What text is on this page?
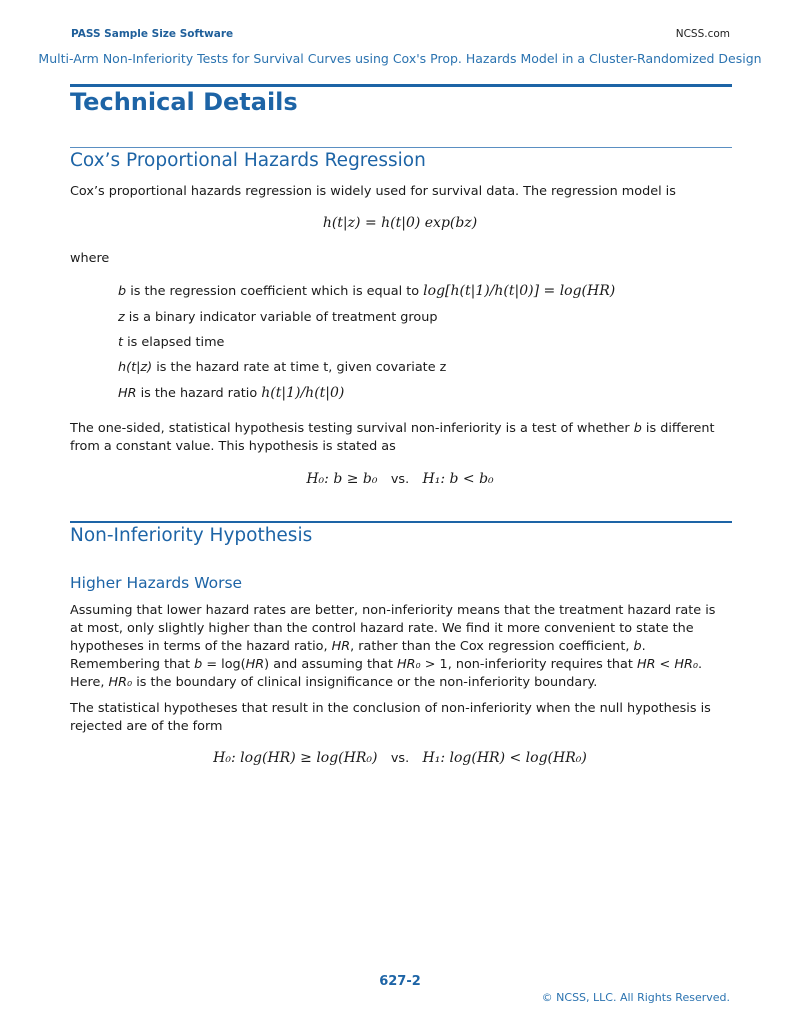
PASS Sample Size Software	NCSS.com
Multi-Arm Non-Inferiority Tests for Survival Curves using Cox's Prop. Hazards Model in a Cluster-Randomized Design
Technical Details
Cox’s Proportional Hazards Regression

Cox’s proportional hazards regression is widely used for survival data. The regression model is

h(t|z) = h(t|0) exp(bz)

where

b is the regression coefficient which is equal to log[h(t|1)/h(t|0)] = log(HR)
z is a binary indicator variable of treatment group
t is elapsed time
h(t|z) is the hazard rate at time t, given covariate z
HR is the hazard ratio h(t|1)/h(t|0)

The one-sided, statistical hypothesis testing survival non-inferiority is a test of whether b is different from a constant value. This hypothesis is stated as

H₀: b ≥ b₀ vs. H₁: b < b₀
Non-Inferiority Hypothesis
Higher Hazards Worse

Assuming that lower hazard rates are better, non-inferiority means that the treatment hazard rate is at most, only slightly higher than the control hazard rate. We find it more convenient to state the hypotheses in terms of the hazard ratio, HR, rather than the Cox regression coefficient, b. Remembering that b = log(HR) and assuming that HR₀ > 1, non-inferiority requires that HR < HR₀. Here, HR₀ is the boundary of clinical insignificance or the non-inferiority boundary.

The statistical hypotheses that result in the conclusion of non-inferiority when the null hypothesis is rejected are of the form

H₀: log(HR) ≥ log(HR₀) vs. H₁: log(HR) < log(HR₀)
627-2
© NCSS, LLC. All Rights Reserved.
